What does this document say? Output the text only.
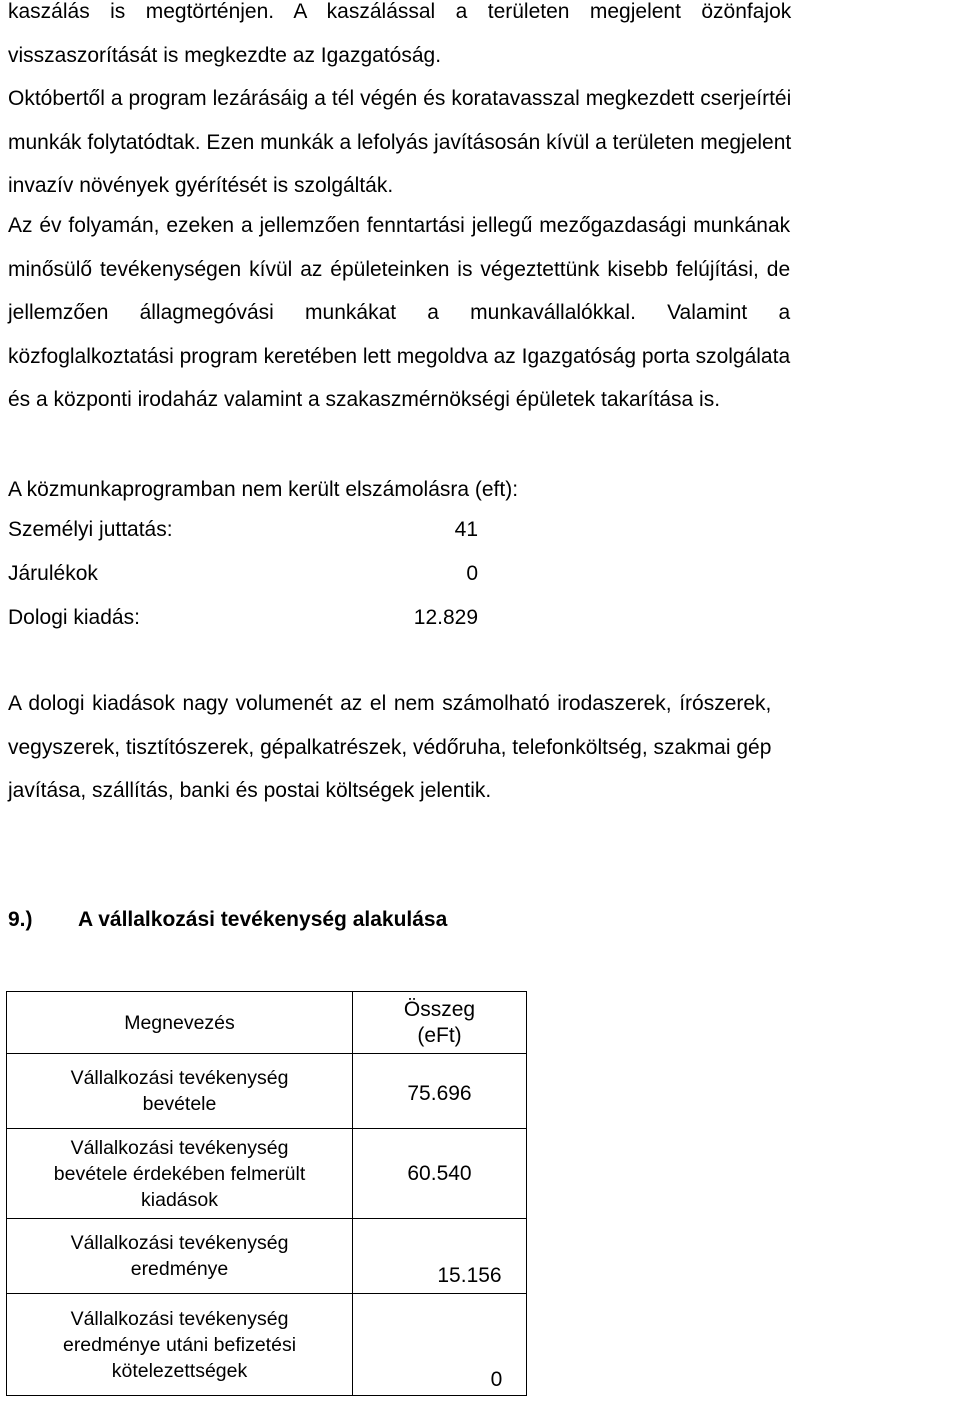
kaszálás is megtörténjen. A kaszálással a területen megjelent özönfajok
visszaszorítását is megkezdte az Igazgatóság.
Októbertől a program lezárásáig a tél végén és koratavasszal megkezdett cserjeírtéi
munkák folytatódtak. Ezen munkák a lefolyás javításosán kívül a területen megjelent
invazív növények gyérítését is szolgálták.
Az év folyamán, ezeken a jellemzően fenntartási jellegű mezőgazdasági munkának
minősülő tevékenységen kívül az épületeinken is végeztettünk kisebb felújítási, de
jellemzően állagmegóvási munkákat a munkavállalókkal. Valamint a
közfoglalkoztatási program keretében lett megoldva az Igazgatóság porta szolgálata
és a központi irodaház valamint a szakaszmérnökségi épületek takarítása is.
A közmunkaprogramban nem került elszámolásra (eft):
Személyi juttatás:	41
Járulékok	0
Dologi kiadás:	12.829
A dologi kiadások nagy volumenét az el nem számolható irodaszerek, írószerek,
vegyszerek, tisztítószerek, gépalkatrészek, védőruha, telefonköltség, szakmai gép
javítása, szállítás, banki és postai költségek jelentik.
9.) A vállalkozási tevékenység alakulása
Megnevezés	Összeg
(eFt)

Vállalkozási tevékenység
bevétele	75.696

Vállalkozási tevékenység
bevétele érdekében felmerült
kiadások	60.540

Vállalkozási tevékenység
eredménye	15.156

Vállalkozási tevékenység
eredménye utáni befizetési
kötelezettségek	0
